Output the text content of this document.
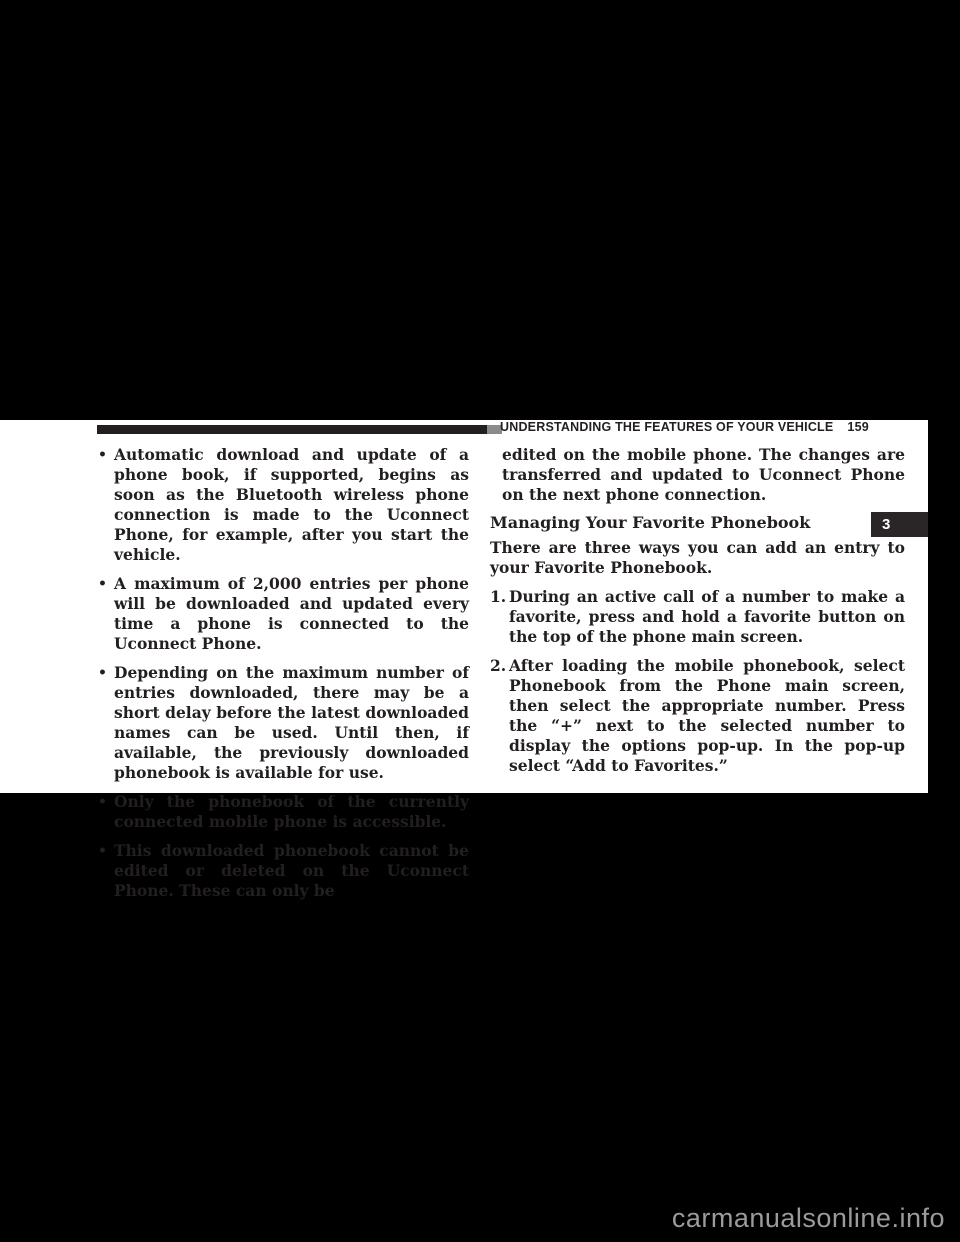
UNDERSTANDING THE FEATURES OF YOUR VEHICLE 159
3
• Automatic download and update of a phone book, if supported, begins as soon as the Bluetooth wireless phone connection is made to the Uconnect Phone, for example, after you start the vehicle.
• A maximum of 2,000 entries per phone will be downloaded and updated every time a phone is connected to the Uconnect Phone.
• Depending on the maximum number of entries downloaded, there may be a short delay before the latest downloaded names can be used. Until then, if available, the previously downloaded phonebook is available for use.
• Only the phonebook of the currently connected mobile phone is accessible.
• This downloaded phonebook cannot be edited or deleted on the Uconnect Phone. These can only be

edited on the mobile phone. The changes are transferred and updated to Uconnect Phone on the next phone connection.

Managing Your Favorite Phonebook

There are three ways you can add an entry to your Favorite Phonebook.

1. During an active call of a number to make a favorite, press and hold a favorite button on the top of the phone main screen.
2. After loading the mobile phonebook, select Phonebook from the Phone main screen, then select the appropriate number. Press the “+” next to the selected number to display the options pop-up. In the pop-up select “Add to Favorites.”
carmanualsonline.info
